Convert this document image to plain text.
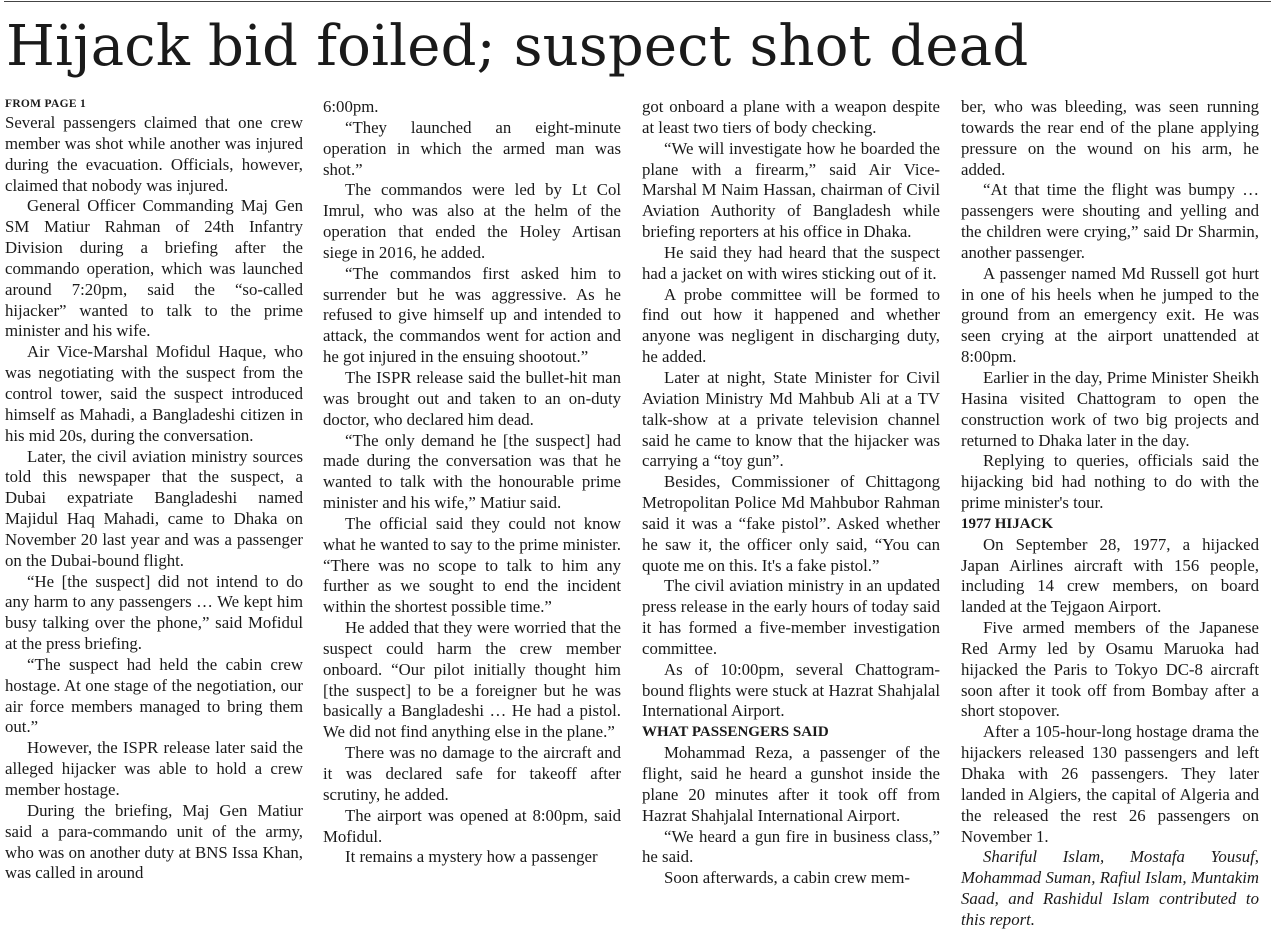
Hijack bid foiled; suspect shot dead

FROM PAGE 1

Several passengers claimed that one crew member was shot while another was injured during the evacuation. Officials, however, claimed that nobody was injured.

General Officer Commanding Maj Gen SM Matiur Rahman of 24th Infantry Division during a briefing after the commando operation, which was launched around 7:20pm, said the “so-called hijacker” wanted to talk to the prime minister and his wife.

Air Vice-Marshal Mofidul Haque, who was negotiating with the suspect from the control tower, said the suspect introduced himself as Mahadi, a Bangladeshi citizen in his mid 20s, during the conversation.

Later, the civil aviation ministry sources told this newspaper that the suspect, a Dubai expatriate Bangladeshi named Majidul Haq Mahadi, came to Dhaka on November 20 last year and was a passenger on the Dubai-bound flight.

“He [the suspect] did not intend to do any harm to any passengers … We kept him busy talking over the phone,” said Mofidul at the press briefing.

“The suspect had held the cabin crew hostage. At one stage of the negotiation, our air force members managed to bring them out.”

However, the ISPR release later said the alleged hijacker was able to hold a crew member hostage.

During the briefing, Maj Gen Matiur said a para-commando unit of the army, who was on another duty at BNS Issa Khan, was called in around

6:00pm.

“They launched an eight-minute operation in which the armed man was shot.”

The commandos were led by Lt Col Imrul, who was also at the helm of the operation that ended the Holey Artisan siege in 2016, he added.

“The commandos first asked him to surrender but he was aggressive. As he refused to give himself up and intended to attack, the commandos went for action and he got injured in the ensuing shootout.”

The ISPR release said the bullet-hit man was brought out and taken to an on-duty doctor, who declared him dead.

“The only demand he [the suspect] had made during the conversation was that he wanted to talk with the honourable prime minister and his wife,” Matiur said.

The official said they could not know what he wanted to say to the prime minister. “There was no scope to talk to him any further as we sought to end the incident within the shortest possible time.”

He added that they were worried that the suspect could harm the crew member onboard. “Our pilot initially thought him [the suspect] to be a foreigner but he was basically a Bangladeshi … He had a pistol. We did not find anything else in the plane.”

There was no damage to the aircraft and it was declared safe for takeoff after scrutiny, he added.

The airport was opened at 8:00pm, said Mofidul.

It remains a mystery how a passenger

got onboard a plane with a weapon despite at least two tiers of body checking.

“We will investigate how he boarded the plane with a firearm,” said Air Vice-Marshal M Naim Hassan, chairman of Civil Aviation Authority of Bangladesh while briefing reporters at his office in Dhaka.

He said they had heard that the suspect had a jacket on with wires sticking out of it.

A probe committee will be formed to find out how it happened and whether anyone was negligent in discharging duty, he added.

Later at night, State Minister for Civil Aviation Ministry Md Mahbub Ali at a TV talk-show at a private television channel said he came to know that the hijacker was carrying a “toy gun”.

Besides, Commissioner of Chittagong Metropolitan Police Md Mahbubor Rahman said it was a “fake pistol”. Asked whether he saw it, the officer only said, “You can quote me on this. It's a fake pistol.”

The civil aviation ministry in an updated press release in the early hours of today said it has formed a five-member investigation committee.

As of 10:00pm, several Chattogram-bound flights were stuck at Hazrat Shahjalal International Airport.

WHAT PASSENGERS SAID

Mohammad Reza, a passenger of the flight, said he heard a gunshot inside the plane 20 minutes after it took off from Hazrat Shahjalal International Airport.

“We heard a gun fire in business class,” he said.

Soon afterwards, a cabin crew mem-

ber, who was bleeding, was seen running towards the rear end of the plane applying pressure on the wound on his arm, he added.

“At that time the flight was bumpy … passengers were shouting and yelling and the children were crying,” said Dr Sharmin, another passenger.

A passenger named Md Russell got hurt in one of his heels when he jumped to the ground from an emergency exit. He was seen crying at the airport unattended at 8:00pm.

Earlier in the day, Prime Minister Sheikh Hasina visited Chattogram to open the construction work of two big projects and returned to Dhaka later in the day.

Replying to queries, officials said the hijacking bid had nothing to do with the prime minister's tour.

1977 HIJACK

On September 28, 1977, a hijacked Japan Airlines aircraft with 156 people, including 14 crew members, on board landed at the Tejgaon Airport.

Five armed members of the Japanese Red Army led by Osamu Maruoka had hijacked the Paris to Tokyo DC-8 aircraft soon after it took off from Bombay after a short stopover.

After a 105-hour-long hostage drama the hijackers released 130 passengers and left Dhaka with 26 passengers. They later landed in Algiers, the capital of Algeria and the released the rest 26 passengers on November 1.

Shariful Islam, Mostafa Yousuf, Mohammad Suman, Rafiul Islam, Muntakim Saad, and Rashidul Islam contributed to this report.
